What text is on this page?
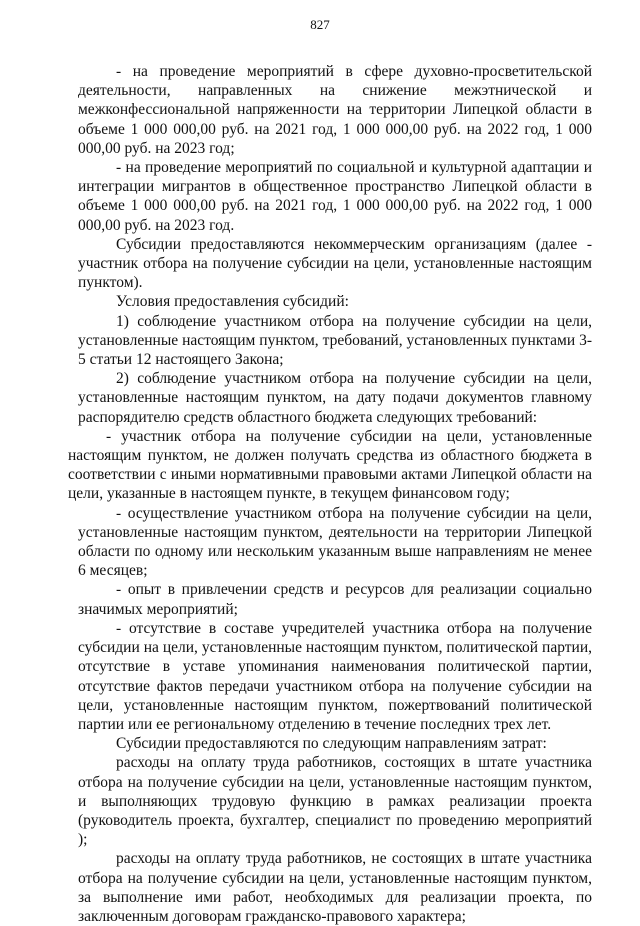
827

- на проведение мероприятий в сфере духовно-просветительской деятельности, направленных на снижение межэтнической и межконфессиональной напряженности на территории Липецкой области в объеме 1 000 000,00 руб. на 2021 год, 1 000 000,00 руб. на 2022 год, 1 000 000,00 руб. на 2023 год;

- на проведение мероприятий по социальной и культурной адаптации и интеграции мигрантов в общественное пространство Липецкой области в объеме 1 000 000,00 руб. на 2021 год, 1 000 000,00 руб. на 2022 год, 1 000 000,00 руб. на 2023 год.

Субсидии предоставляются некоммерческим организациям (далее - участник отбора на получение субсидии на цели, установленные настоящим пунктом).

Условия предоставления субсидий:

1) соблюдение участником отбора на получение субсидии на цели, установленные настоящим пунктом, требований, установленных пунктами 3-5 статьи 12 настоящего Закона;

2) соблюдение участником отбора на получение субсидии на цели, установленные настоящим пунктом, на дату подачи документов главному распорядителю средств областного бюджета следующих требований:

- участник отбора на получение субсидии на цели, установленные настоящим пунктом, не должен получать средства из областного бюджета в соответствии с иными нормативными правовыми актами Липецкой области на цели, указанные в настоящем пункте, в текущем финансовом году;

- осуществление участником отбора на получение субсидии на цели, установленные настоящим пунктом, деятельности на территории Липецкой области по одному или нескольким указанным выше направлениям не менее 6 месяцев;

- опыт в привлечении средств и ресурсов для реализации социально значимых мероприятий;

- отсутствие в составе учредителей участника отбора на получение субсидии на цели, установленные настоящим пунктом, политической партии, отсутствие в уставе упоминания наименования политической партии, отсутствие фактов передачи участником отбора на получение субсидии на цели, установленные настоящим пунктом, пожертвований политической партии или ее региональному отделению в течение последних трех лет.

Субсидии предоставляются по следующим направлениям затрат:

расходы на оплату труда работников, состоящих в штате участника отбора на получение субсидии на цели, установленные настоящим пунктом, и выполняющих трудовую функцию в рамках реализации проекта (руководитель проекта, бухгалтер, специалист по проведению мероприятий );

расходы на оплату труда работников, не состоящих в штате участника отбора на получение субсидии на цели, установленные настоящим пунктом, за выполнение ими работ, необходимых для реализации проекта, по заключенным договорам гражданско-правового характера;
